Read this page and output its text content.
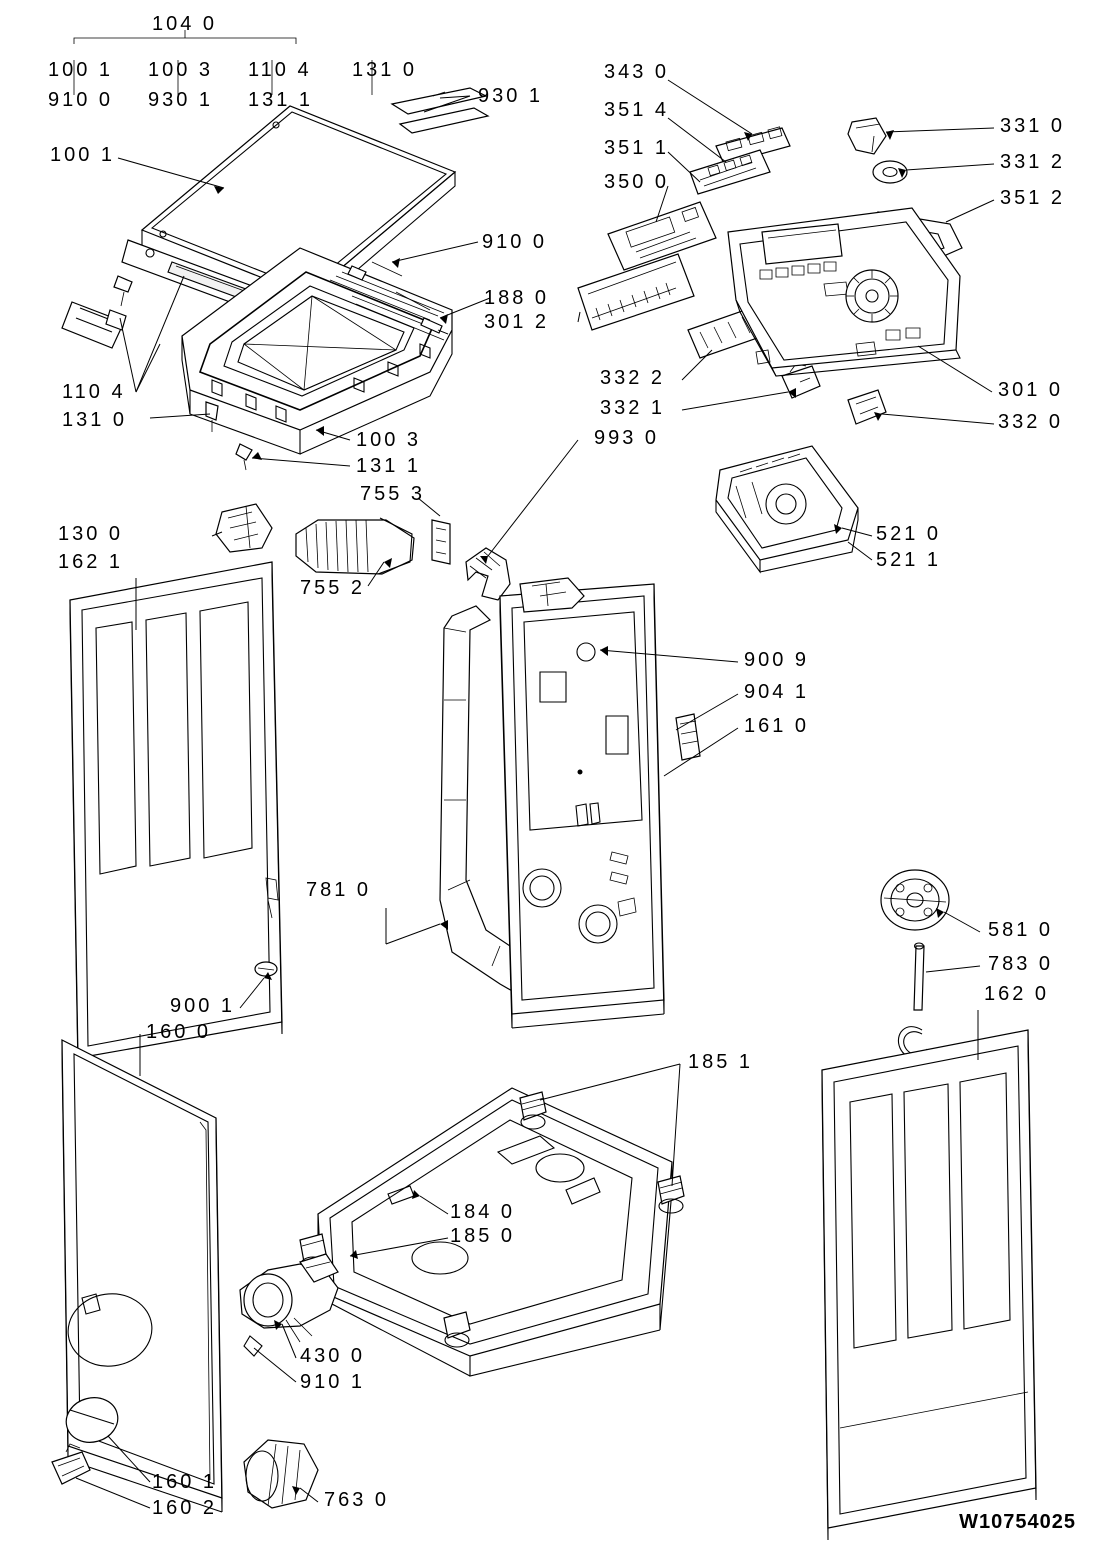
104 0
100 1 100 3 110 4 131 0
910 0 930 1 131 1
100 1
930 1
910 0
188 0
301 2
110 4
131 0
100 3
131 1
755 3
755 2
130 0
162 1
343 0
351 4
351 1
350 0
331 0
331 2
351 2
301 0
332 2
332 1
332 0
993 0
521 0
521 1
900 9
904 1
161 0
781 0
900 1
160 0
581 0
783 0
162 0
185 1
184 0
185 0
430 0
910 1
160 1
160 2	763 0
W10754025
